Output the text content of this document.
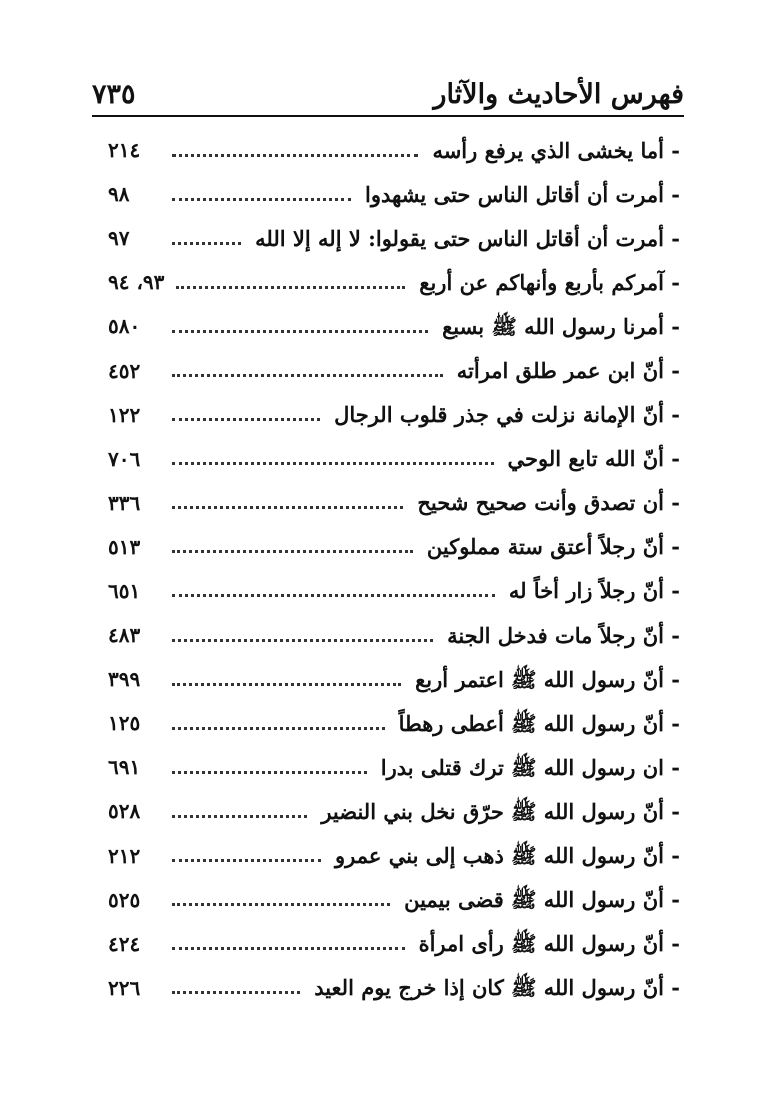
٧٣٥	فهرس الأحاديث والآثار
- أما يخشى الذي يرفع رأسه
٢١٤
- أمرت أن أقاتل الناس حتى يشهدوا
٩٨
- أمرت أن أقاتل الناس حتى يقولوا: لا إله إلا الله
٩٧
- آمركم بأربع وأنهاكم عن أربع
٩٣، ٩٤
- أمرنا رسول الله ﷺ بسبع
٥٨٠
- أنّ ابن عمر طلق امرأته
٤٥٢
- أنّ الإمانة نزلت في جذر قلوب الرجال
١٢٢
- أنّ الله تابع الوحي
٧٠٦
- أن تصدق وأنت صحيح شحيح
٣٣٦
- أنّ رجلاً أعتق ستة مملوكين
٥١٣
- أنّ رجلاً زار أخاً له
٦٥١
- أنّ رجلاً مات فدخل الجنة
٤٨٣
- أنّ رسول الله ﷺ اعتمر أربع
٣٩٩
- أنّ رسول الله ﷺ أعطى رهطاً
١٢٥
- ان رسول الله ﷺ ترك قتلى بدرا
٦٩١
- أنّ رسول الله ﷺ حرّق نخل بني النضير
٥٢٨
- أنّ رسول الله ﷺ ذهب إلى بني عمرو
٢١٢
- أنّ رسول الله ﷺ قضى بيمين
٥٢٥
- أنّ رسول الله ﷺ رأى امرأة
٤٢٤
- أنّ رسول الله ﷺ كان إذا خرج يوم العيد
٢٢٦
